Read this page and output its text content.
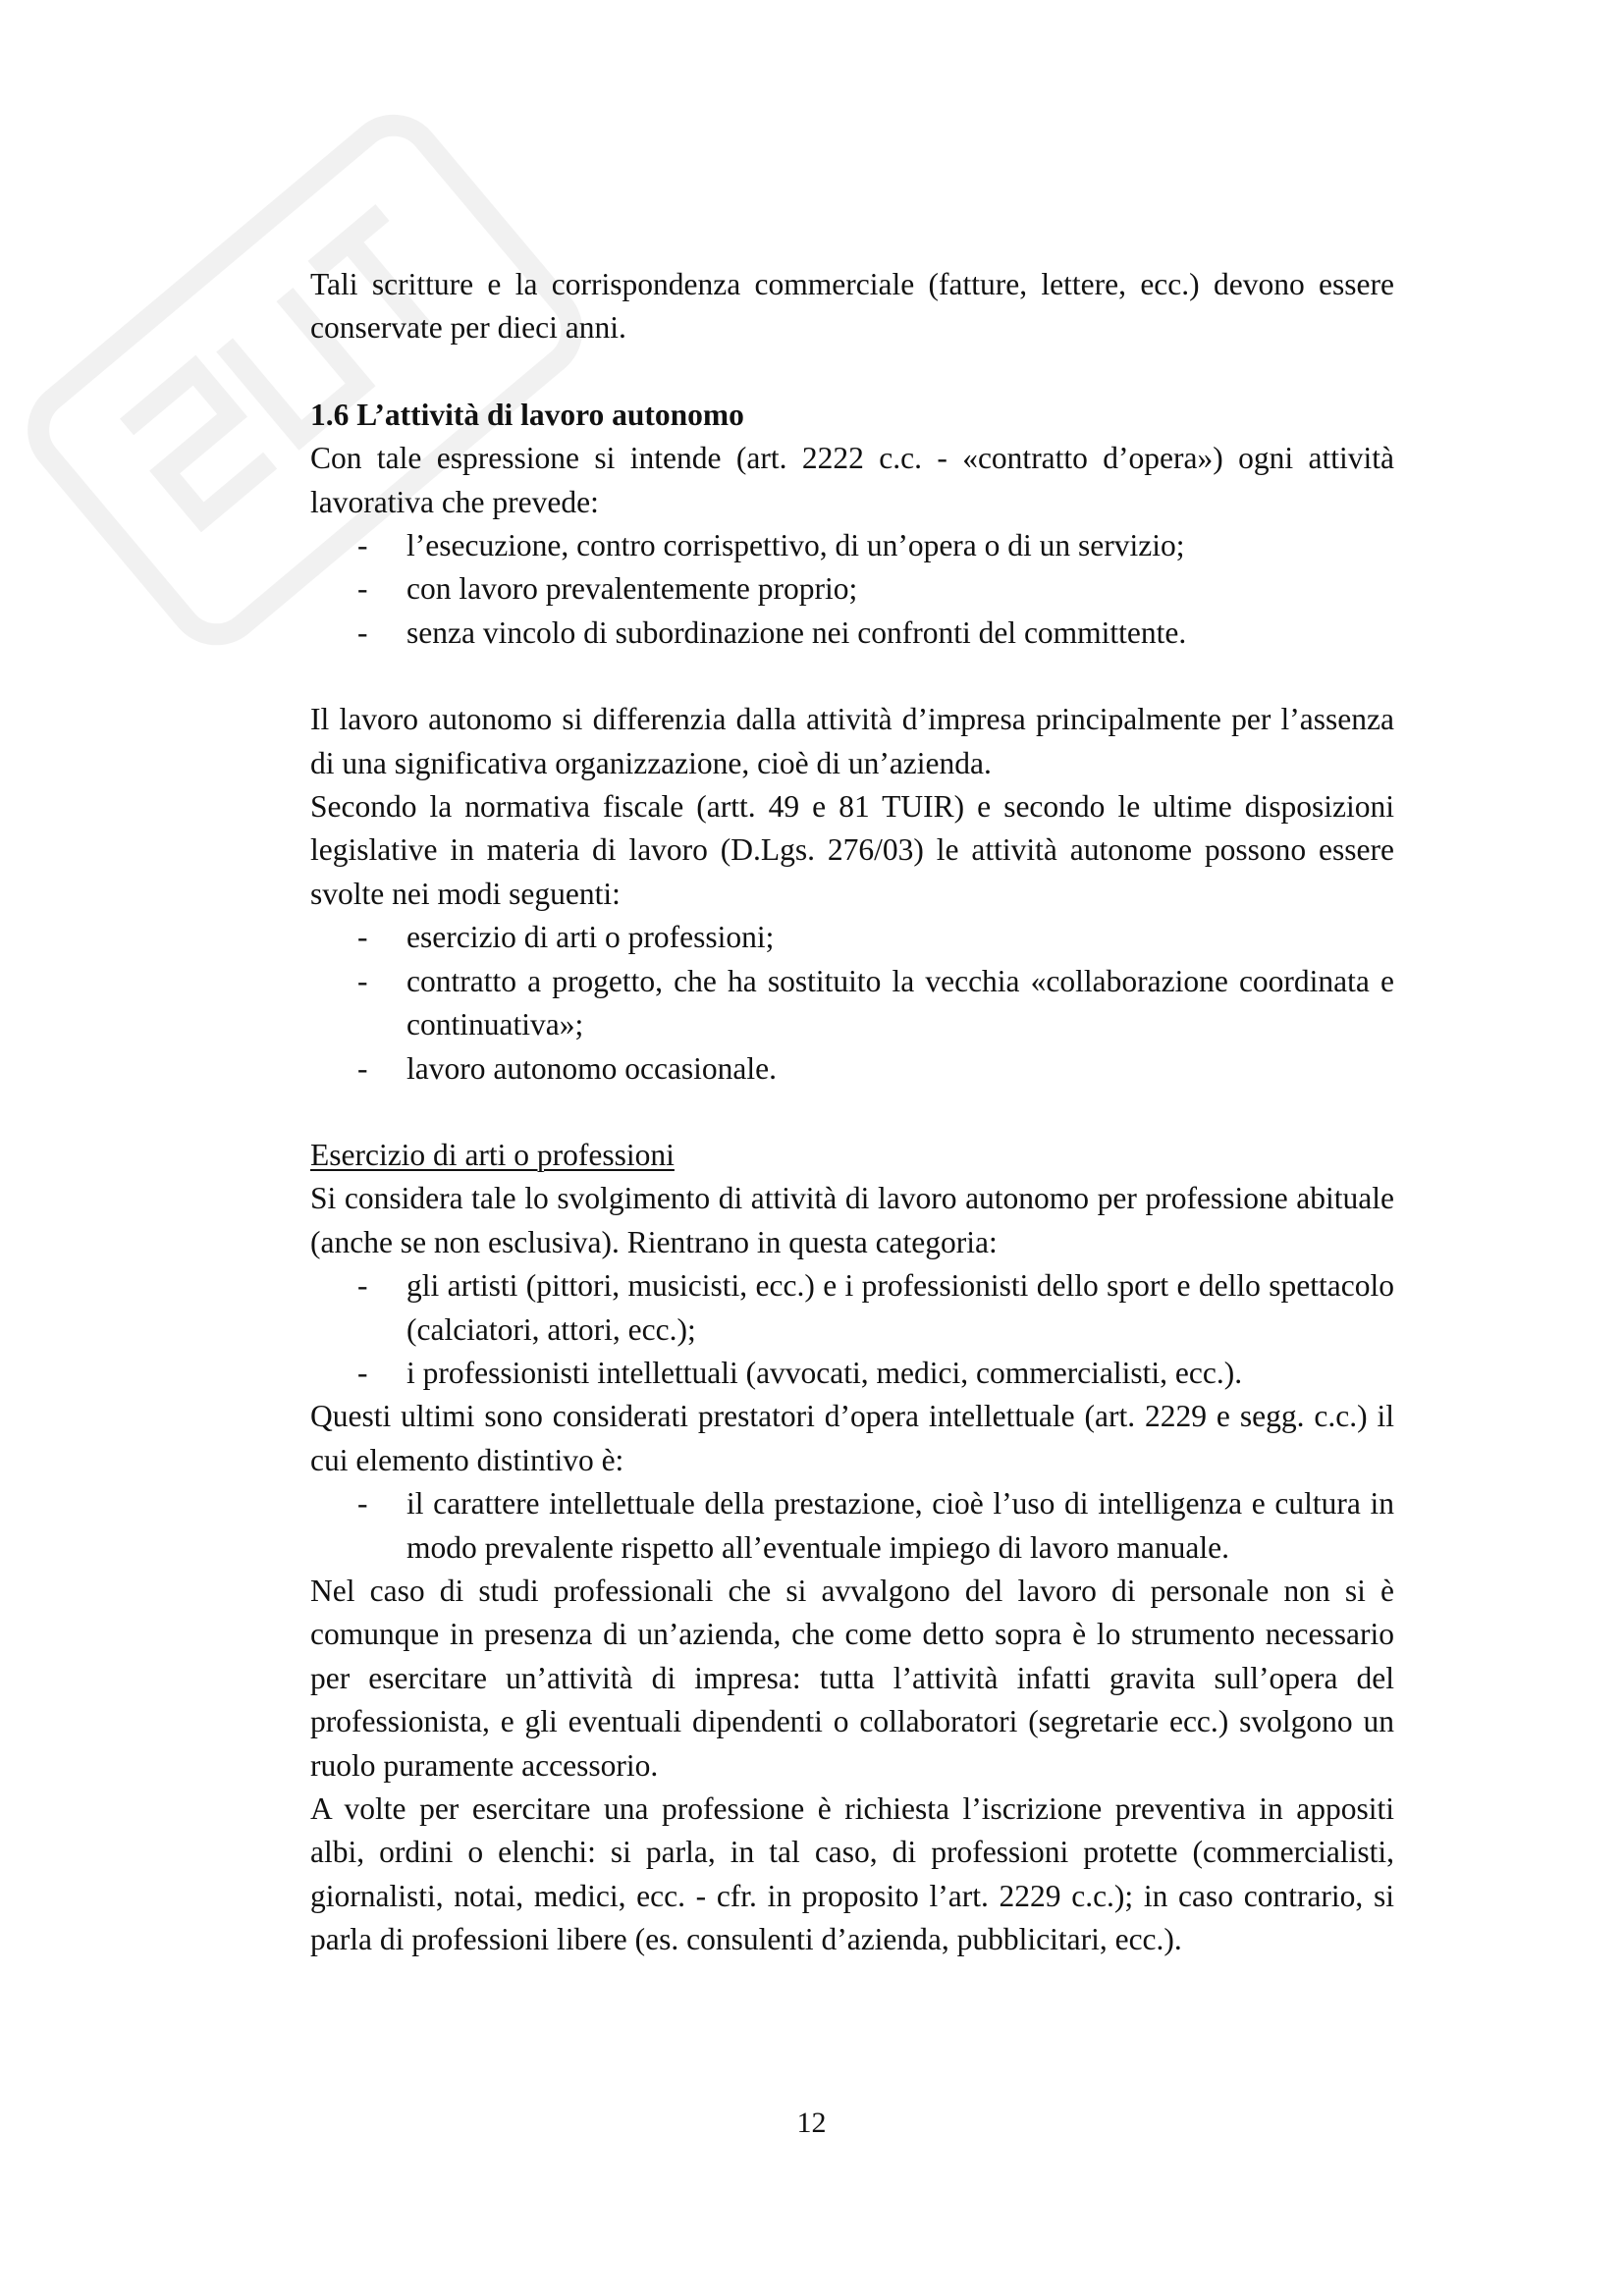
Tali scritture e la corrispondenza commerciale (fatture, lettere, ecc.) devono essere conservate per dieci anni.

1.6 L’attività di lavoro autonomo

Con tale espressione si intende (art. 2222 c.c. - «contratto d’opera») ogni attività lavorativa che prevede:

- l’esecuzione, contro corrispettivo, di un’opera o di un servizio;
- con lavoro prevalentemente proprio;
- senza vincolo di subordinazione nei confronti del committente.

Il lavoro autonomo si differenzia dalla attività d’impresa principalmente per l’assenza di una significativa organizzazione, cioè di un’azienda.

Secondo la normativa fiscale (artt. 49 e 81 TUIR) e secondo le ultime disposizioni legislative in materia di lavoro (D.Lgs. 276/03) le attività autonome possono essere svolte nei modi seguenti:

- esercizio di arti o professioni;
- contratto a progetto, che ha sostituito la vecchia «collaborazione coordinata e continuativa»;
- lavoro autonomo occasionale.

Esercizio di arti o professioni

Si considera tale lo svolgimento di attività di lavoro autonomo per professione abituale (anche se non esclusiva). Rientrano in questa categoria:

- gli artisti (pittori, musicisti, ecc.) e i professionisti dello sport e dello spettacolo (calciatori, attori, ecc.);
- i professionisti intellettuali (avvocati, medici, commercialisti, ecc.).

Questi ultimi sono considerati prestatori d’opera intellettuale (art. 2229 e segg. c.c.) il cui elemento distintivo è:

- il carattere intellettuale della prestazione, cioè l’uso di intelligenza e cultura in modo prevalente rispetto all’eventuale impiego di lavoro manuale.

Nel caso di studi professionali che si avvalgono del lavoro di personale non si è comunque in presenza di un’azienda, che come detto sopra è lo strumento necessario per esercitare un’attività di impresa: tutta l’attività infatti gravita sull’opera del professionista, e gli eventuali dipendenti o collaboratori (segretarie ecc.) svolgono un ruolo puramente accessorio.

A volte per esercitare una professione è richiesta l’iscrizione preventiva in appositi albi, ordini o elenchi: si parla, in tal caso, di professioni protette (commercialisti, giornalisti, notai, medici, ecc. - cfr. in proposito l’art. 2229 c.c.); in caso contrario, si parla di professioni libere (es. consulenti d’azienda, pubblicitari, ecc.).

12
